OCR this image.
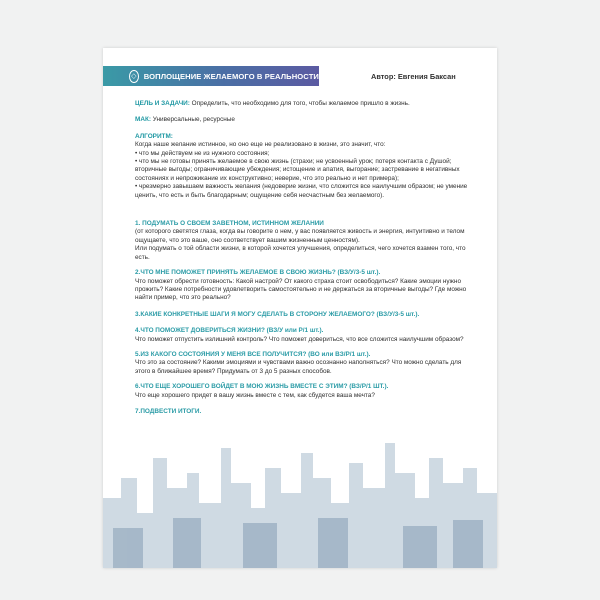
◇ ВОПЛОЩЕНИЕ ЖЕЛАЕМОГО В РЕАЛЬНОСТИ	Автор: Евгения Баксан

ЦЕЛЬ И ЗАДАЧИ: Определить, что необходимо для того, чтобы желаемое пришло в жизнь.

МАК: Универсальные, ресурсные

АЛГОРИТМ:
Когда наше желание истинное, но оно еще не реализовано в жизни, это значит, что:
• что мы действуем не из нужного состояния;
• что мы не готовы принять желаемое в свою жизнь (страхи; не усвоенный урок; потеря контакта с Душой; вторичные выгоды; ограничивающие убеждения; истощение и апатия, выгорание; застревание в негативных состояниях и непрожикание их конструктивно; неверие, что это реально и нет примера);
• чрезмерно завышаем важность желания (недоверие жизни, что сложится все наилучшим образом; не умение ценить, что есть и быть благодарным; ощущение себя несчастным без желаемого).
1. ПОДУМАТЬ О СВОЕМ ЗАВЕТНОМ, ИСТИННОМ ЖЕЛАНИИ
(от которого светятся глаза, когда вы говорите о нем, у вас появляется живость и энергия, интуитивно и телом ощущаете, что это ваше, оно соответствует вашим жизненным ценностям).
Или подумать о той области жизни, в которой хочется улучшения, определиться, чего хочется взамен того, что есть.
2.ЧТО МНЕ ПОМОЖЕТ ПРИНЯТЬ ЖЕЛАЕМОЕ В СВОЮ ЖИЗНЬ? (ВЗ/У/3-5 шт.).
Что поможет обрести готовность: Какой настрой? От какого страха стоит освободиться? Какие эмоции нужно прожить? Какие потребности удовлетворить самостоятельно и не держаться за вторичные выгоды? Где можно найти пример, что это реально?
3.КАКИЕ КОНКРЕТНЫЕ ШАГИ Я МОГУ СДЕЛАТЬ В СТОРОНУ ЖЕЛАЕМОГО? (ВЗ/У/3-5 шт.).
4.ЧТО ПОМОЖЕТ ДОВЕРИТЬСЯ ЖИЗНИ? (ВЗ/У или Р/1 шт.).
Что поможет отпустить излишний контроль? Что поможет довериться, что все сложится наилучшим образом?
5.ИЗ КАКОГО СОСТОЯНИЯ У МЕНЯ ВСЕ ПОЛУЧИТСЯ? (ВО или ВЗ/Р/1 шт.).
Что это за состояние? Какими эмоциями и чувствами важно осознанно наполняться? Что можно сделать для этого в ближайшее время? Придумать от 3 до 5 разных способов.
6.ЧТО ЕЩЕ ХОРОШЕГО ВОЙДЕТ В МОЮ ЖИЗНЬ ВМЕСТЕ С ЭТИМ? (ВЗ/Р/1 ШТ.).
Что еще хорошего придет в вашу жизнь вместе с тем, как сбудется ваша мечта?
7.ПОДВЕСТИ ИТОГИ.
